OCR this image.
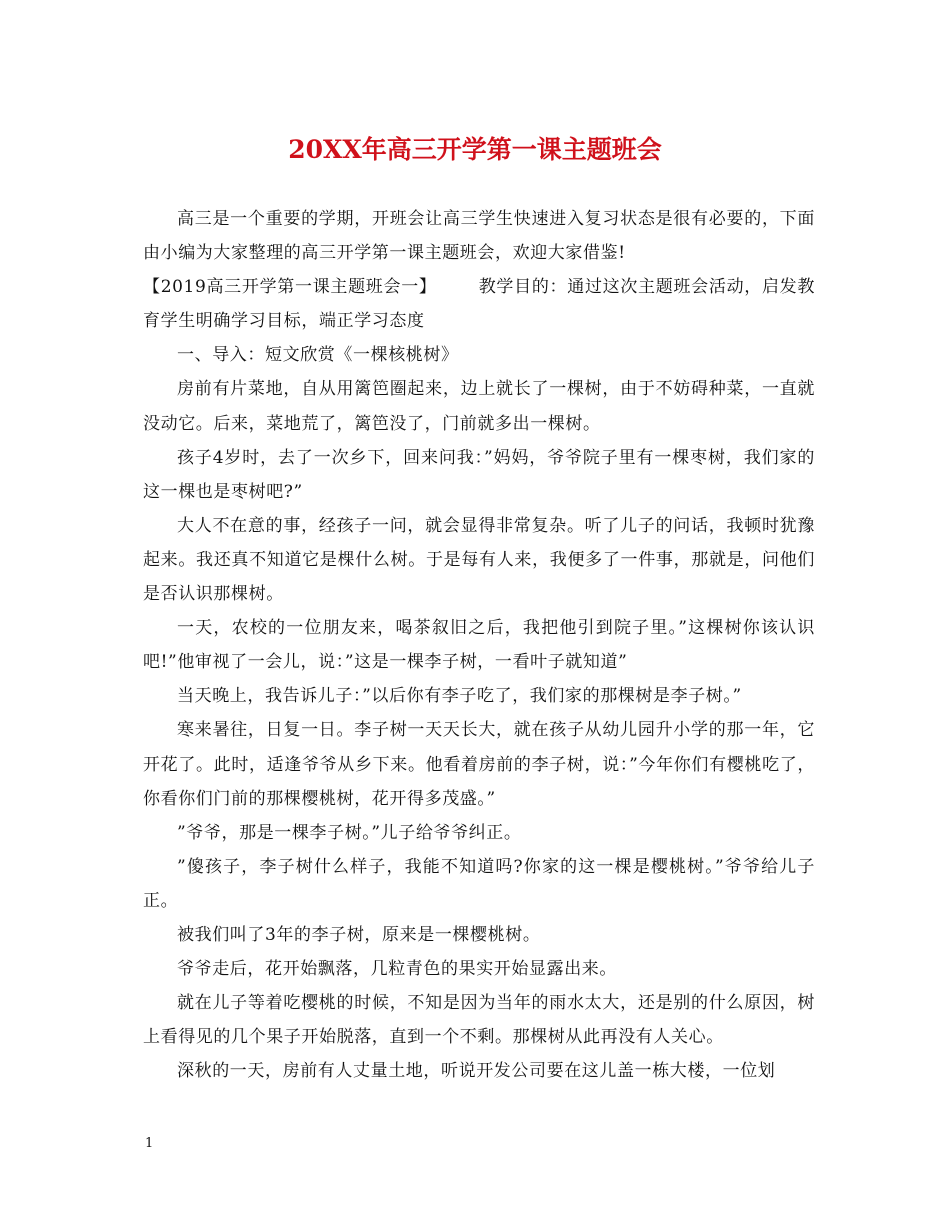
20XX年高三开学第一课主题班会

高三是一个重要的学期，开班会让高三学生快速进入复习状态是很有必要的，下面由小编为大家整理的高三开学第一课主题班会，欢迎大家借鉴!

【2019高三开学第一课主题班会一】 教学目的：通过这次主题班会活动，启发教育学生明确学习目标，端正学习态度

一、导入：短文欣赏《一棵核桃树》

房前有片菜地，自从用篱笆圈起来，边上就长了一棵树，由于不妨碍种菜，一直就没动它。后来，菜地荒了，篱笆没了，门前就多出一棵树。

孩子4岁时，去了一次乡下，回来问我：”妈妈，爷爷院子里有一棵枣树，我们家的这一棵也是枣树吧?”

大人不在意的事，经孩子一问，就会显得非常复杂。听了儿子的问话，我顿时犹豫起来。我还真不知道它是棵什么树。于是每有人来，我便多了一件事，那就是，问他们是否认识那棵树。

一天，农校的一位朋友来，喝茶叙旧之后，我把他引到院子里。”这棵树你该认识吧!”他审视了一会儿，说：”这是一棵李子树，一看叶子就知道”

当天晚上，我告诉儿子：”以后你有李子吃了，我们家的那棵树是李子树。”

寒来暑往，日复一日。李子树一天天长大，就在孩子从幼儿园升小学的那一年，它开花了。此时，适逢爷爷从乡下来。他看着房前的李子树，说：”今年你们有樱桃吃了，你看你们门前的那棵樱桃树，花开得多茂盛。”

”爷爷，那是一棵李子树。”儿子给爷爷纠正。

”傻孩子，李子树什么样子，我能不知道吗?你家的这一棵是樱桃树。”爷爷给儿子正。

被我们叫了3年的李子树，原来是一棵樱桃树。

爷爷走后，花开始飘落，几粒青色的果实开始显露出来。

就在儿子等着吃樱桃的时候，不知是因为当年的雨水太大，还是别的什么原因，树上看得见的几个果子开始脱落，直到一个不剩。那棵树从此再没有人关心。

深秋的一天，房前有人丈量土地，听说开发公司要在这儿盖一栋大楼，一位划

1
